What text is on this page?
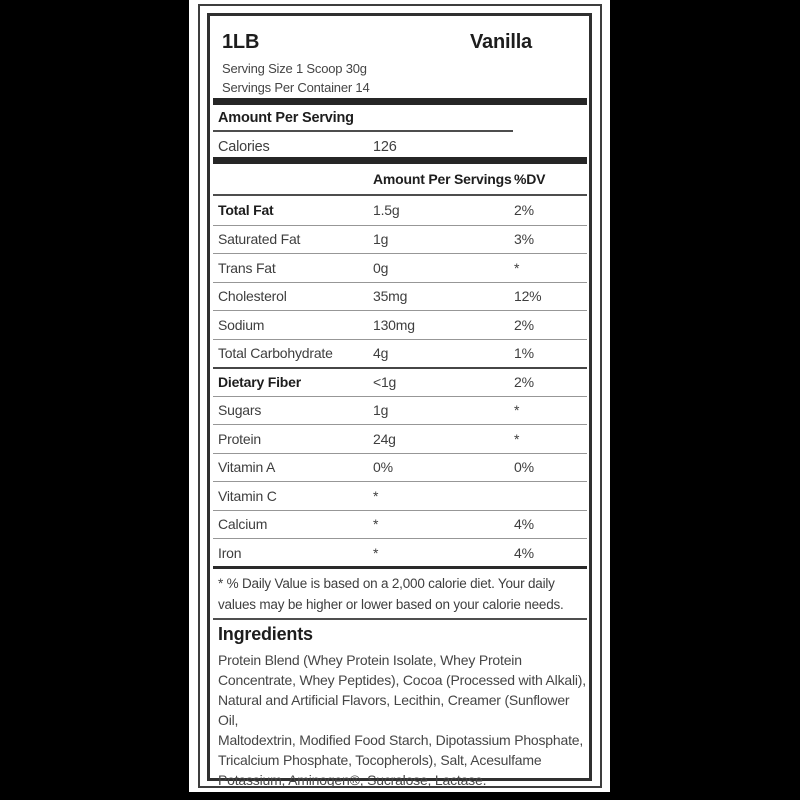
1LB	Vanilla
Serving Size 1 Scoop 30g
Servings Per Container 14
Amount Per Serving
Calories	126
Amount Per Servings %DV
Total Fat	1.5g	2%
Saturated Fat	1g	3%
Trans Fat	0g	*
Cholesterol	35mg	12%
Sodium	130mg	2%
Total Carbohydrate	4g	1%
Dietary Fiber	<1g	2%
Sugars	1g	*
Protein	24g	*
Vitamin A	0%	0%
Vitamin C	*
Calcium	*	4%
Iron	*	4%
* % Daily Value is based on a 2,000 calorie diet. Your daily
values may be higher or lower based on your calorie needs.
Ingredients
Protein Blend (Whey Protein Isolate, Whey Protein
Concentrate, Whey Peptides), Cocoa (Processed with Alkali),
Natural and Artificial Flavors, Lecithin, Creamer (Sunflower Oil,
Maltodextrin, Modified Food Starch, Dipotassium Phosphate,
Tricalcium Phosphate, Tocopherols), Salt, Acesulfame
Potassium, Aminogen®, Sucralose, Lactase.
